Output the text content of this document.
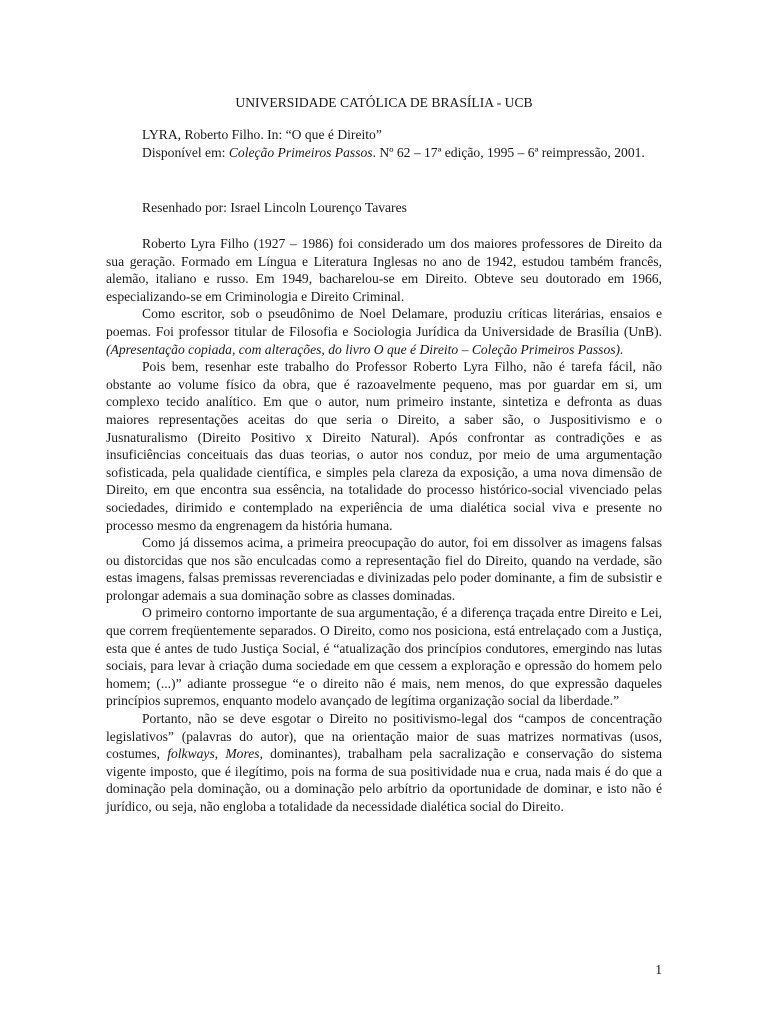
UNIVERSIDADE CATÓLICA DE BRASÍLIA - UCB

LYRA, Roberto Filho. In: “O que é Direito”

Disponível em: Coleção Primeiros Passos. Nº 62 – 17ª edição, 1995 – 6ª reimpressão, 2001.

Resenhado por: Israel Lincoln Lourenço Tavares

Roberto Lyra Filho (1927 – 1986) foi considerado um dos maiores professores de Direito da sua geração. Formado em Língua e Literatura Inglesas no ano de 1942, estudou também francês, alemão, italiano e russo. Em 1949, bacharelou-se em Direito. Obteve seu doutorado em 1966, especializando-se em Criminologia e Direito Criminal.

Como escritor, sob o pseudônimo de Noel Delamare, produziu críticas literárias, ensaios e poemas. Foi professor titular de Filosofia e Sociologia Jurídica da Universidade de Brasília (UnB). (Apresentação copiada, com alterações, do livro O que é Direito – Coleção Primeiros Passos).

Pois bem, resenhar este trabalho do Professor Roberto Lyra Filho, não é tarefa fácil, não obstante ao volume físico da obra, que é razoavelmente pequeno, mas por guardar em si, um complexo tecido analítico. Em que o autor, num primeiro instante, sintetiza e defronta as duas maiores representações aceitas do que seria o Direito, a saber são, o Juspositivismo e o Jusnaturalismo (Direito Positivo x Direito Natural). Após confrontar as contradições e as insuficiências conceituais das duas teorias, o autor nos conduz, por meio de uma argumentação sofisticada, pela qualidade científica, e simples pela clareza da exposição, a uma nova dimensão de Direito, em que encontra sua essência, na totalidade do processo histórico-social vivenciado pelas sociedades, dirimido e contemplado na experiência de uma dialética social viva e presente no processo mesmo da engrenagem da história humana.

Como já dissemos acima, a primeira preocupação do autor, foi em dissolver as imagens falsas ou distorcidas que nos são enculcadas como a representação fiel do Direito, quando na verdade, são estas imagens, falsas premissas reverenciadas e divinizadas pelo poder dominante, a fim de subsistir e prolongar ademais a sua dominação sobre as classes dominadas.

O primeiro contorno importante de sua argumentação, é a diferença traçada entre Direito e Lei, que correm freqüentemente separados. O Direito, como nos posiciona, está entrelaçado com a Justiça, esta que é antes de tudo Justiça Social, é “atualização dos princípios condutores, emergindo nas lutas sociais, para levar à criação duma sociedade em que cessem a exploração e opressão do homem pelo homem; (...)” adiante prossegue “e o direito não é mais, nem menos, do que expressão daqueles princípios supremos, enquanto modelo avançado de legítima organização social da liberdade.”

Portanto, não se deve esgotar o Direito no positivismo-legal dos “campos de concentração legislativos” (palavras do autor), que na orientação maior de suas matrizes normativas (usos, costumes, folkways, Mores, dominantes), trabalham pela sacralização e conservação do sistema vigente imposto, que é ilegítimo, pois na forma de sua positividade nua e crua, nada mais é do que a dominação pela dominação, ou a dominação pelo arbítrio da oportunidade de dominar, e isto não é jurídico, ou seja, não engloba a totalidade da necessidade dialética social do Direito.

1
